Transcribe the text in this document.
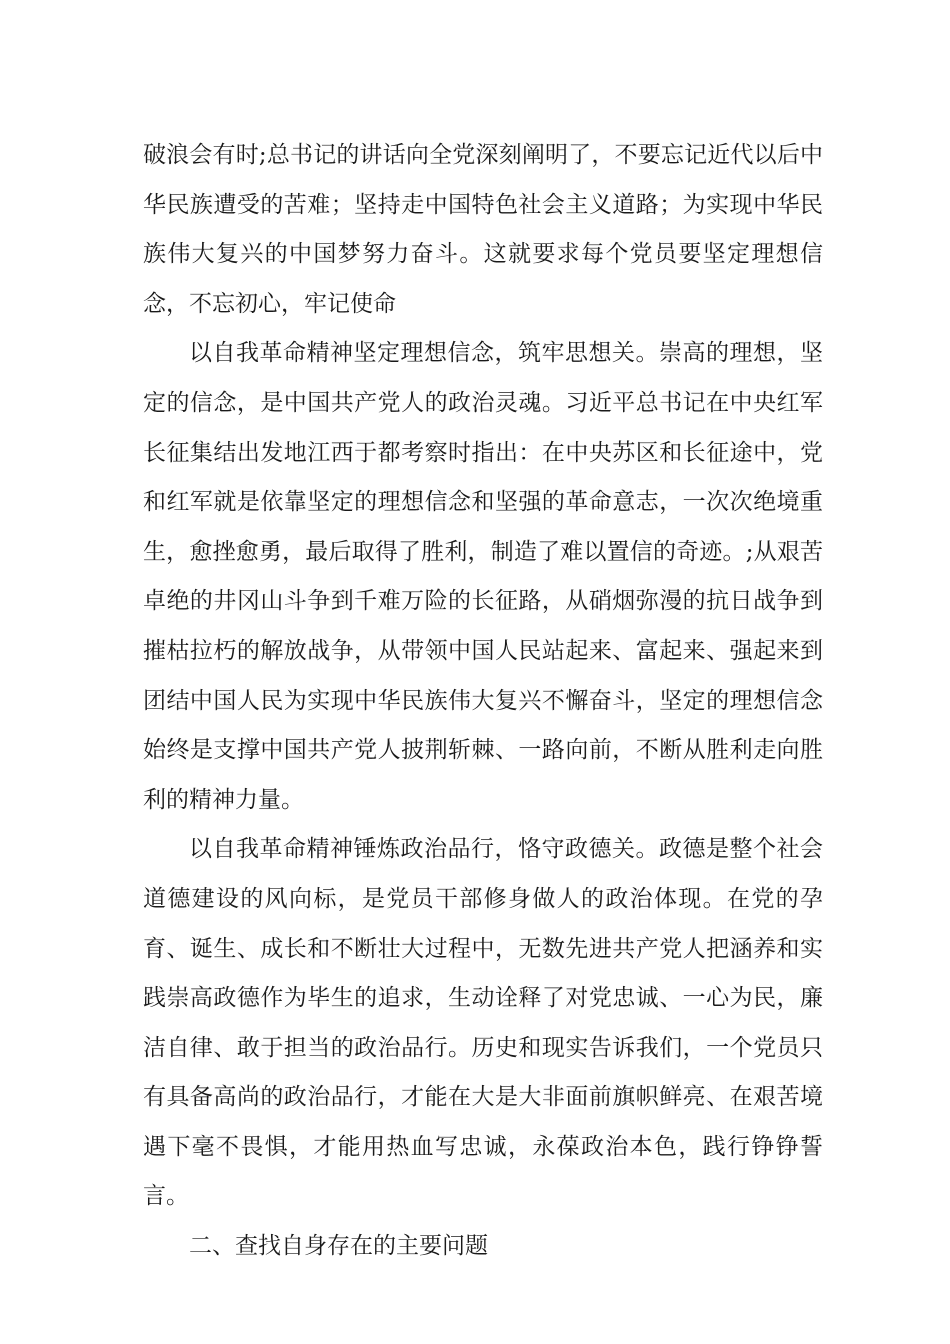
破浪会有时;总书记的讲话向全党深刻阐明了，不要忘记近代以后中华民族遭受的苦难；坚持走中国特色社会主义道路；为实现中华民族伟大复兴的中国梦努力奋斗。这就要求每个党员要坚定理想信念，不忘初心，牢记使命

以自我革命精神坚定理想信念，筑牢思想关。崇高的理想，坚定的信念，是中国共产党人的政治灵魂。习近平总书记在中央红军长征集结出发地江西于都考察时指出：在中央苏区和长征途中，党和红军就是依靠坚定的理想信念和坚强的革命意志，一次次绝境重生，愈挫愈勇，最后取得了胜利，制造了难以置信的奇迹。;从艰苦卓绝的井冈山斗争到千难万险的长征路，从硝烟弥漫的抗日战争到摧枯拉朽的解放战争，从带领中国人民站起来、富起来、强起来到团结中国人民为实现中华民族伟大复兴不懈奋斗，坚定的理想信念始终是支撑中国共产党人披荆斩棘、一路向前，不断从胜利走向胜利的精神力量。

以自我革命精神锤炼政治品行，恪守政德关。政德是整个社会道德建设的风向标，是党员干部修身做人的政治体现。在党的孕育、诞生、成长和不断壮大过程中，无数先进共产党人把涵养和实践崇高政德作为毕生的追求，生动诠释了对党忠诚、一心为民，廉洁自律、敢于担当的政治品行。历史和现实告诉我们，一个党员只有具备高尚的政治品行，才能在大是大非面前旗帜鲜亮、在艰苦境遇下毫不畏惧，才能用热血写忠诚，永葆政治本色，践行铮铮誓言。

二、查找自身存在的主要问题
